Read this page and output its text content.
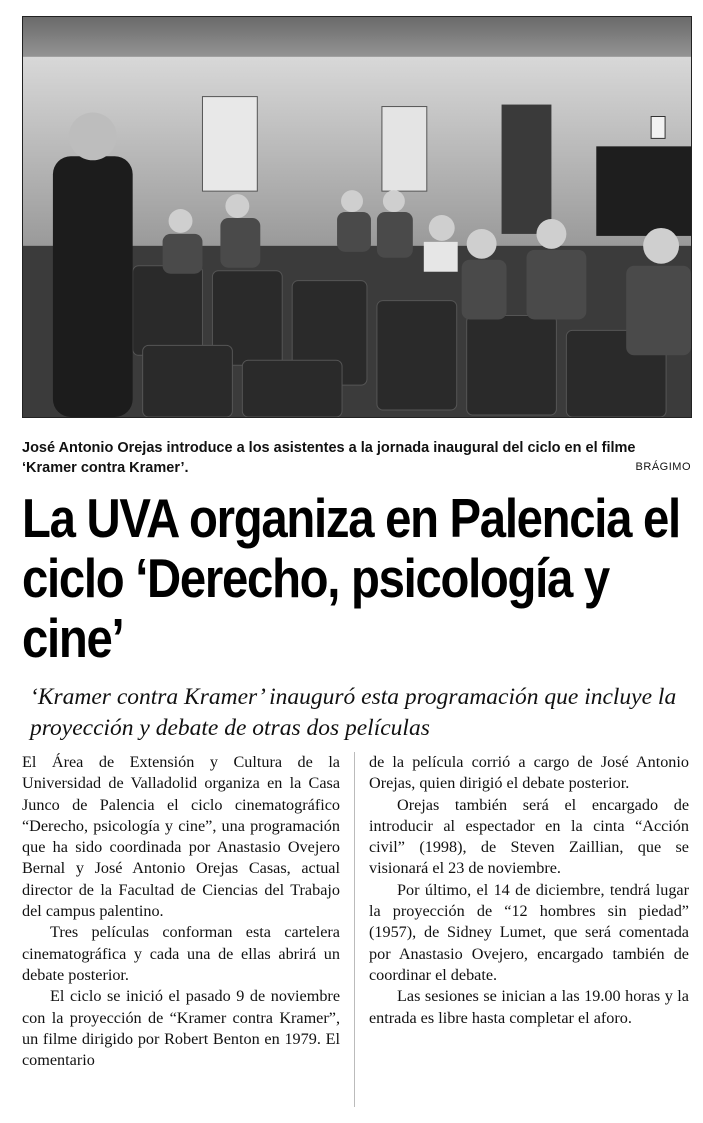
José Antonio Orejas introduce a los asistentes a la jornada inaugural del ciclo en el filme ‘Kramer contra Kramer’.	BRÁGIMO
La UVA organiza en Palencia el ciclo ‘Derecho, psicología y cine’
‘Kramer contra Kramer’ inauguró esta programación que incluye la proyección y debate de otras dos películas

El Área de Extensión y Cultura de la Universidad de Valladolid organiza en la Casa Junco de Palencia el ciclo cinematográfico “Derecho, psicología y cine”, una programación que ha sido coordinada por Anastasio Ovejero Bernal y José Antonio Orejas Casas, actual director de la Facultad de Ciencias del Trabajo del campus palentino.

Tres películas conforman esta cartelera cinematográfica y cada una de ellas abrirá un debate posterior.

El ciclo se inició el pasado 9 de noviembre con la proyección de “Kramer contra Kramer”, un filme dirigido por Robert Benton en 1979. El comentario

de la película corrió a cargo de José Antonio Orejas, quien dirigió el debate posterior.

Orejas también será el encargado de introducir al espectador en la cinta “Acción civil” (1998), de Steven Zaillian, que se visionará el 23 de noviembre.

Por último, el 14 de diciembre, tendrá lugar la proyección de “12 hombres sin piedad” (1957), de Sidney Lumet, que será comentada por Anastasio Ovejero, encargado también de coordinar el debate.

Las sesiones se inician a las 19.00 horas y la entrada es libre hasta completar el aforo.
